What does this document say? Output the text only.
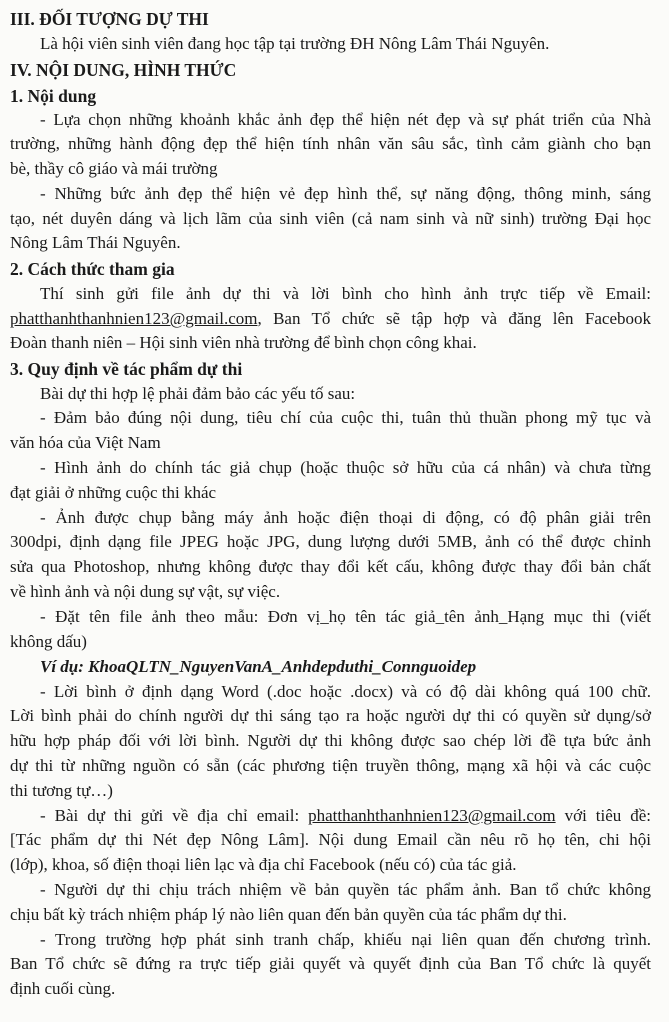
III. ĐỐI TƯỢNG DỰ THI
Là hội viên sinh viên đang học tập tại trường ĐH Nông Lâm Thái Nguyên.
IV. NỘI DUNG, HÌNH THỨC
1. Nội dung
- Lựa chọn những khoảnh khắc ảnh đẹp thể hiện nét đẹp và sự phát triển của Nhà
trường, những hành động đẹp thể hiện tính nhân văn sâu sắc, tình cảm giành cho bạn
bè, thầy cô giáo và mái trường
- Những bức ảnh đẹp thể hiện vẻ đẹp hình thể, sự năng động, thông minh, sáng
tạo, nét duyên dáng và lịch lãm của sinh viên (cả nam sinh và nữ sinh) trường Đại học
Nông Lâm Thái Nguyên.
2. Cách thức tham gia
Thí sinh gửi file ảnh dự thi và lời bình cho hình ảnh trực tiếp về Email:
phatthanhthanhnien123@gmail.com, Ban Tổ chức sẽ tập hợp và đăng lên Facebook
Đoàn thanh niên – Hội sinh viên nhà trường để bình chọn công khai.
3. Quy định về tác phẩm dự thi
Bài dự thi hợp lệ phải đảm bảo các yếu tố sau:
- Đảm bảo đúng nội dung, tiêu chí của cuộc thi, tuân thủ thuần phong mỹ tục và
văn hóa của Việt Nam
- Hình ảnh do chính tác giả chụp (hoặc thuộc sở hữu của cá nhân) và chưa từng
đạt giải ở những cuộc thi khác
- Ảnh được chụp bằng máy ảnh hoặc điện thoại di động, có độ phân giải trên
300dpi, định dạng file JPEG hoặc JPG, dung lượng dưới 5MB, ảnh có thể được chỉnh
sửa qua Photoshop, nhưng không được thay đổi kết cấu, không được thay đổi bản chất
về hình ảnh và nội dung sự vật, sự việc.
- Đặt tên file ảnh theo mẫu: Đơn vị_họ tên tác giả_tên ảnh_Hạng mục thi (viết
không dấu)
Ví dụ: KhoaQLTN_NguyenVanA_Anhdepduthi_Connguoidep
- Lời bình ở định dạng Word (.doc hoặc .docx) và có độ dài không quá 100 chữ.
Lời bình phải do chính người dự thi sáng tạo ra hoặc người dự thi có quyền sử dụng/sở
hữu hợp pháp đối với lời bình. Người dự thi không được sao chép lời đề tựa bức ảnh
dự thi từ những nguồn có sẵn (các phương tiện truyền thông, mạng xã hội và các cuộc
thi tương tự…)
- Bài dự thi gửi về địa chỉ email: phatthanhthanhnien123@gmail.com với tiêu đề:
[Tác phẩm dự thi Nét đẹp Nông Lâm]. Nội dung Email cần nêu rõ họ tên, chi hội
(lớp), khoa, số điện thoại liên lạc và địa chỉ Facebook (nếu có) của tác giả.
- Người dự thi chịu trách nhiệm về bản quyền tác phẩm ảnh. Ban tổ chức không
chịu bất kỳ trách nhiệm pháp lý nào liên quan đến bản quyền của tác phẩm dự thi.
- Trong trường hợp phát sinh tranh chấp, khiếu nại liên quan đến chương trình.
Ban Tổ chức sẽ đứng ra trực tiếp giải quyết và quyết định của Ban Tổ chức là quyết
định cuối cùng.
